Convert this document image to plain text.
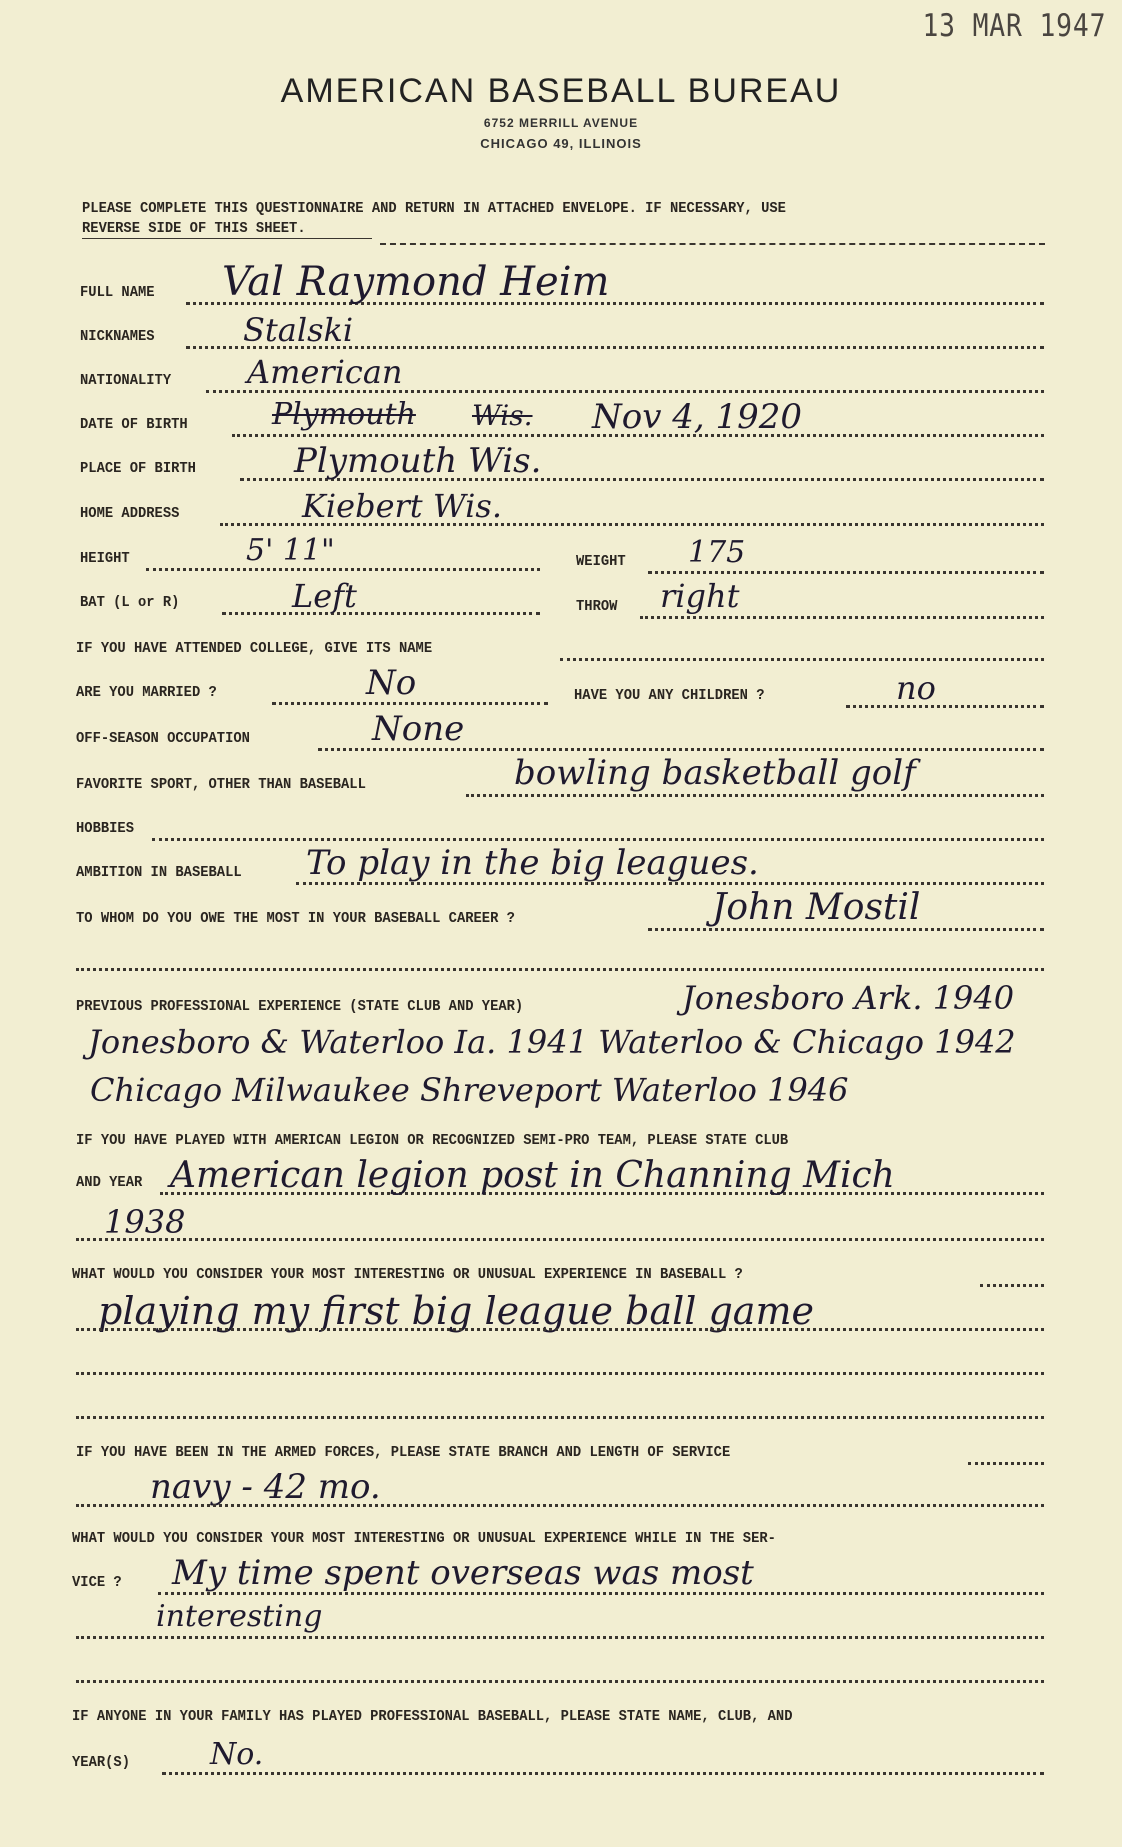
13 MAR 1947
AMERICAN BASEBALL BUREAU
6752 MERRILL AVENUE
CHICAGO 49, ILLINOIS
PLEASE COMPLETE THIS QUESTIONNAIRE AND RETURN IN ATTACHED ENVELOPE. IF NECESSARY, USE
REVERSE SIDE OF THIS SHEET.
FULL NAME Val Raymond Heim
NICKNAMES	Stalski
NATIONALITY American
DATE OF BIRTH	Plymouth Wis. Nov 4, 1920
PLACE OF BIRTH	Plymouth Wis.
HOME ADDRESS	Kiebert Wis.
HEIGHT	5' 11"	WEIGHT 175
BAT (L or R)	Left	THROW right
IF YOU HAVE ATTENDED COLLEGE, GIVE ITS NAME
ARE YOU MARRIED ?	No	HAVE YOU ANY CHILDREN ?	no
OFF-SEASON OCCUPATION	None
FAVORITE SPORT, OTHER THAN BASEBALL	bowling basketball golf
HOBBIES
AMBITION IN BASEBALL To play in the big leagues.
TO WHOM DO YOU OWE THE MOST IN YOUR BASEBALL CAREER ?	John Mostil
PREVIOUS PROFESSIONAL EXPERIENCE (STATE CLUB AND YEAR)	Jonesboro Ark. 1940
Jonesboro & Waterloo Ia. 1941 Waterloo & Chicago 1942
Chicago Milwaukee Shreveport Waterloo 1946
IF YOU HAVE PLAYED WITH AMERICAN LEGION OR RECOGNIZED SEMI-PRO TEAM, PLEASE STATE CLUB
AND YEAR American legion post in Channing Mich
1938
WHAT WOULD YOU CONSIDER YOUR MOST INTERESTING OR UNUSUAL EXPERIENCE IN BASEBALL ?
playing my first big league ball game
IF YOU HAVE BEEN IN THE ARMED FORCES, PLEASE STATE BRANCH AND LENGTH OF SERVICE
navy - 42 mo.
WHAT WOULD YOU CONSIDER YOUR MOST INTERESTING OR UNUSUAL EXPERIENCE WHILE IN THE SER-
VICE ? My time spent overseas was most
interesting
IF ANYONE IN YOUR FAMILY HAS PLAYED PROFESSIONAL BASEBALL, PLEASE STATE NAME, CLUB, AND
YEAR(S)	No.
